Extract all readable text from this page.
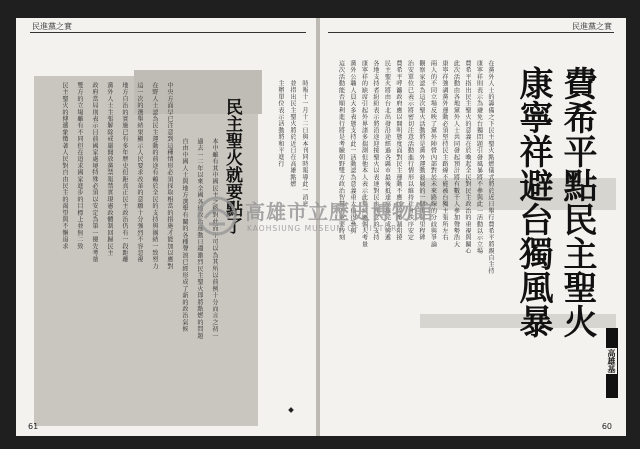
民進黨之實
本中雖有其中國民主之路對此而不可以為其所以前例十分而言之初一
過去一二年以來全國各地政治運動日趨激烈民主聖火即將點燃的問題
自由中國人士與地方選舉有關的各種聲浪已經形成了新的政治氣候
中央方面早已注意到這種情形必須採取相當的措施才能加以應對
在野人士認為民主運動的前途有賴於全民的支持與團結一致努力
這一次的選舉結果顯示人民要求改革的意願十分強烈不容忽視
地方自治的實施已有多年歷史但距真正民主政治仍有一段距離
黨外人士主張解除戒嚴開放黨禁報禁實現憲政體制回歸民主
政府當局則表示目前國家處境特殊必須以安定為第一優先考量
雙方的立場雖有不同但在追求國家進步的目標上並無二致
民主聖火的傳遞象徵著人民對自由民主的渴望與不懈追求	民主聖火就要點了	時報十一月十二日與本刊同時報導此一消息
並指出民主聖火將於近日在高雄點燃
主辦單位表示活動將和平進行
61
民進黨之實
在黨外人士的籌備之下民主聖火點燃儀式將於近日舉行費希平將親自主持
康寧祥則表示為避免台獨問題引發風暴將不參與此一活動以示立場
費希平指出民主聖火的意義在於喚起全民對民主政治的重視與關心
此次活動由各地黨外人士共同發起預計將有數千人參加聲勢浩大
康寧祥強調黨外運動必須堅持民主路線不能被台獨主張所左右
兩人的不同立場反映了黨外陣營內部對於未來路線的分歧與爭論
觀察家認為這次聖火活動將是黨外運動發展的一個重要里程碑
治安單位已表示將密切注意活動進行情形以維持社會秩序安定
費希平呼籲政府應以開明態度面對民主運動不應加以壓制阻撓
民主聖火將由台北出發沿途經過各縣市最後抵達高雄完成傳遞
各地支持者紛紛表示將沿途迎接聖火以表達對民主理念的支持
康寧祥的缺席引起外界諸多揣測但他本人表示此舉純屬個人考量
黨外公職人員大多表態支持此一活動認為意義重大值得參與
這次活動能否順利進行將是考驗朝野雙方政治智慧的重要時刻	費希平點民主聖火
康寧祥避台獨風暴
高雄基
60
高雄市立歷史博物館
KAOHSIUNG MUSEUM OF HISTORY
